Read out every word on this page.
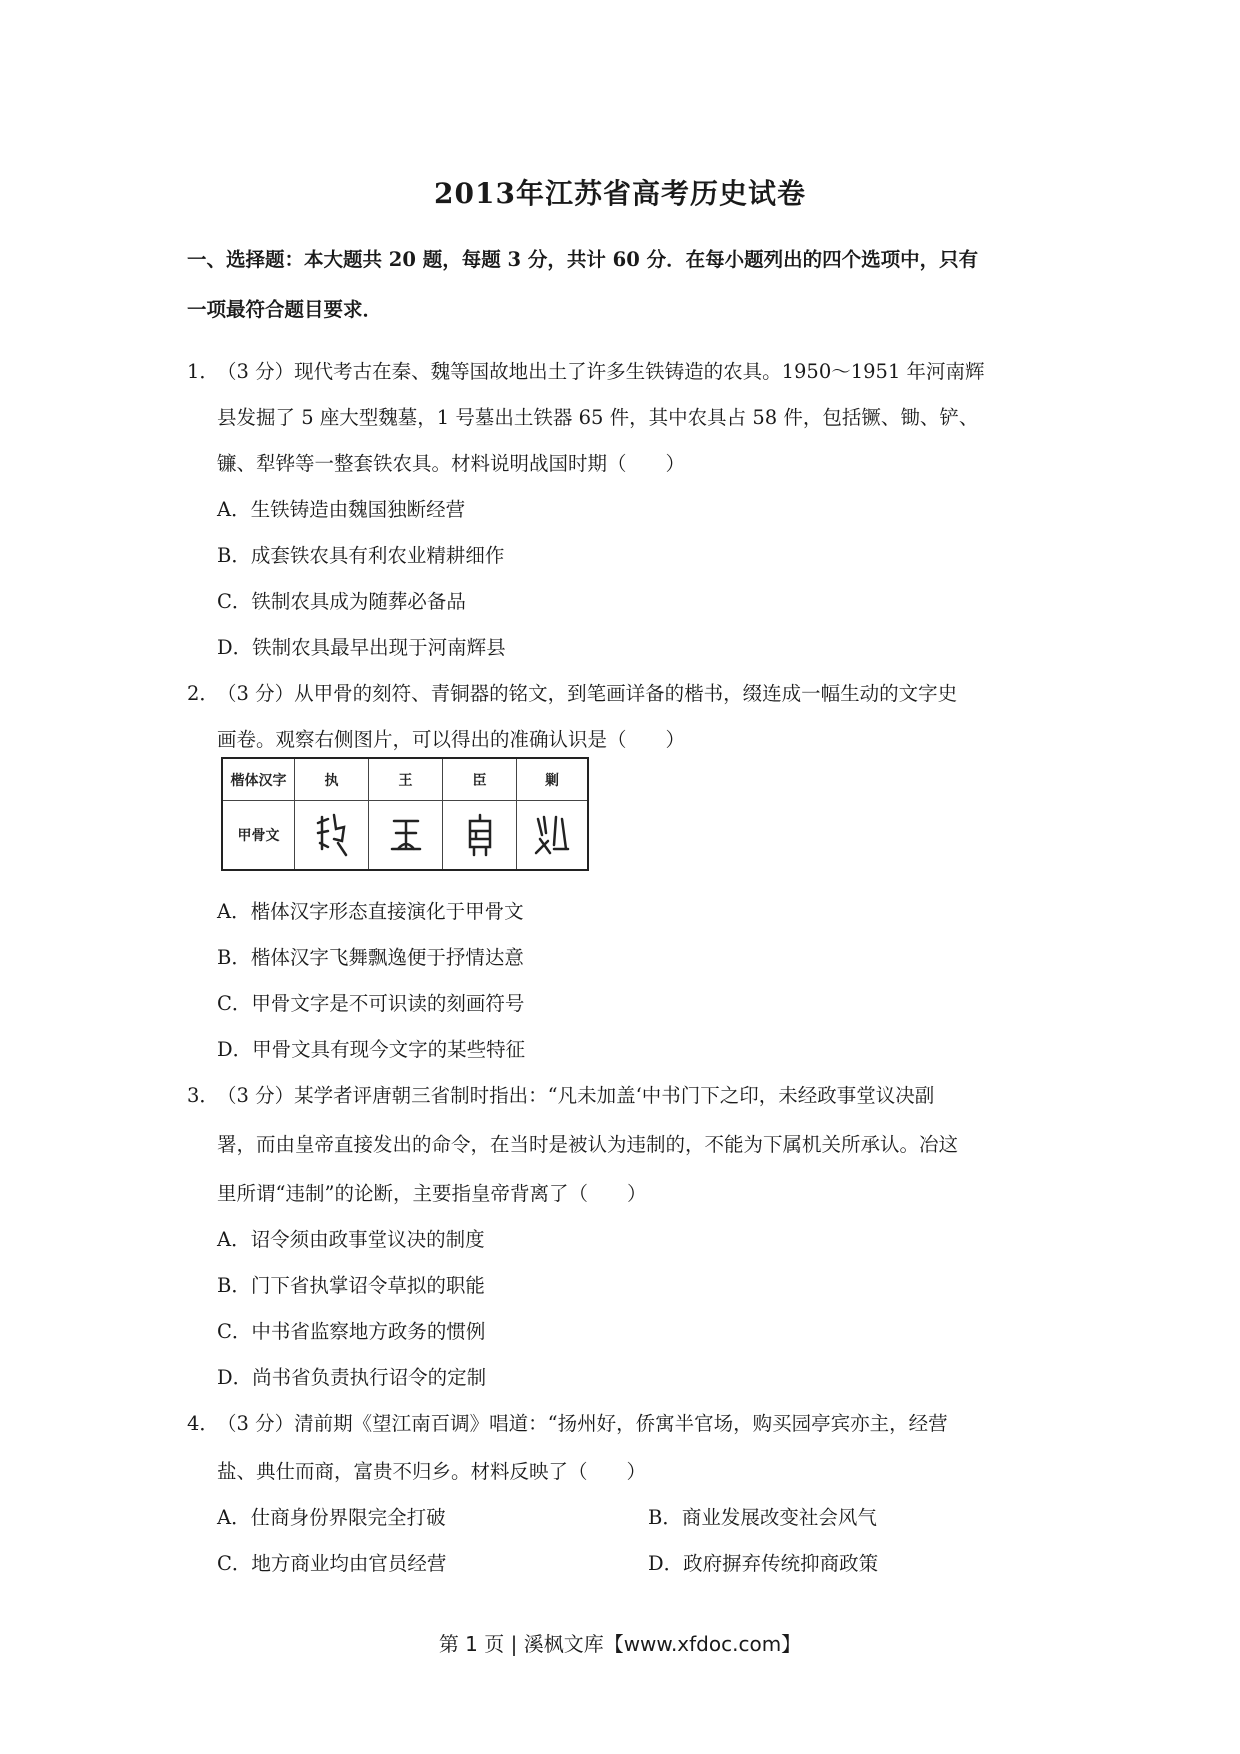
2013年江苏省高考历史试卷
一、选择题：本大题共 20 题，每题 3 分，共计 60 分．在每小题列出的四个选项中，只有
一项最符合题目要求．
1．
（3 分）现代考古在秦、魏等国故地出土了许多生铁铸造的农具。1950～1951 年河南辉
县发掘了 5 座大型魏墓，1 号墓出土铁器 65 件，其中农具占 58 件，包括镢、锄、铲、
镰、犁铧等一整套铁农具。材料说明战国时期（　　）
A．生铁铸造由魏国独断经营
B．成套铁农具有利农业精耕细作
C．铁制农具成为随葬必备品
D．铁制农具最早出现于河南辉县
2．
（3 分）从甲骨的刻符、青铜器的铭文，到笔画详备的楷书，缀连成一幅生动的文字史
画卷。观察右侧图片，可以得出的准确认识是（　　）
楷体汉字	执	王	臣	剿
甲骨文
A．楷体汉字形态直接演化于甲骨文
B．楷体汉字飞舞飘逸便于抒情达意
C．甲骨文字是不可识读的刻画符号
D．甲骨文具有现今文字的某些特征
3．
（3 分）某学者评唐朝三省制时指出：“凡未加盖‘中书门下之印，未经政事堂议决副
署，而由皇帝直接发出的命令，在当时是被认为违制的，不能为下属机关所承认。冶这
里所谓“违制”的论断，主要指皇帝背离了（　　）
A．诏令须由政事堂议决的制度
B．门下省执掌诏令草拟的职能
C．中书省监察地方政务的惯例
D．尚书省负责执行诏令的定制
4．
（3 分）清前期《望江南百调》唱道：“扬州好，侨寓半官场，购买园亭宾亦主，经营
盐、典仕而商，富贵不归乡。材料反映了（　　）
A．仕商身份界限完全打破	B．商业发展改变社会风气
C．地方商业均由官员经营	D．政府摒弃传统抑商政策
第 1 页 | 溪枫文库【www.xfdoc.com】
